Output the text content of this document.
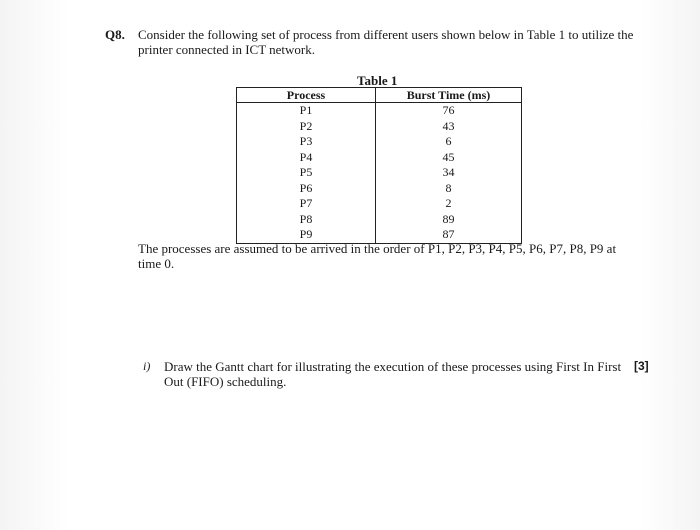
Q8. Consider the following set of process from different users shown below in Table 1 to utilize the printer connected in ICT network.
Table 1
Process	Burst Time (ms)
P1	76
P2	43
P3	6
P4	45
P5	34
P6	8
P7	2
P8	89
P9	87
The processes are assumed to be arrived in the order of P1, P2, P3, P4, P5, P6, P7, P8, P9 at time 0.
i) Draw the Gantt chart for illustrating the execution of these processes using First In First Out (FIFO) scheduling.
[3]
